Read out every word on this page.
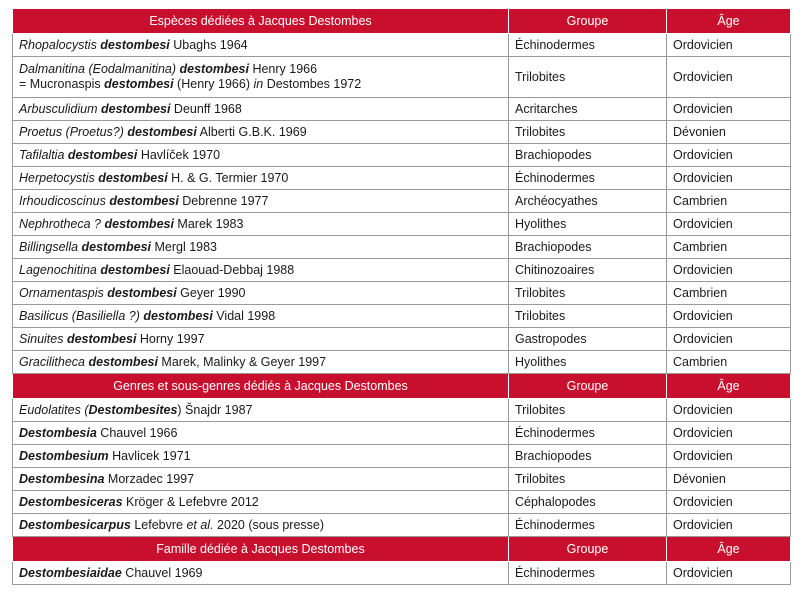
Espèces dédiées à Jacques Destombes	Groupe	Âge
Rhopalocystis destombesi Ubaghs 1964	Échinodermes	Ordovicien
Dalmanitina (Eodalmanitina) destombesi Henry 1966
= Mucronaspis destombesi (Henry 1966) in Destombes 1972	Trilobites	Ordovicien
Arbusculidium destombesi Deunff 1968	Acritarches	Ordovicien
Proetus (Proetus?) destombesi Alberti G.B.K. 1969	Trilobites	Dévonien
Tafilaltia destombesi Havlíček 1970	Brachiopodes	Ordovicien
Herpetocystis destombesi H. & G. Termier 1970	Échinodermes	Ordovicien
Irhoudicoscinus destombesi Debrenne 1977	Archéocyathes	Cambrien
Nephrotheca ? destombesi Marek 1983	Hyolithes	Ordovicien
Billingsella destombesi Mergl 1983	Brachiopodes	Cambrien
Lagenochitina destombesi Elaouad-Debbaj 1988	Chitinozoaires	Ordovicien
Ornamentaspis destombesi Geyer 1990	Trilobites	Cambrien
Basilicus (Basiliella ?) destombesi Vidal 1998	Trilobites	Ordovicien
Sinuites destombesi Horny 1997	Gastropodes	Ordovicien
Gracilitheca destombesi Marek, Malinky & Geyer 1997	Hyolithes	Cambrien
Genres et sous-genres dédiés à Jacques Destombes	Groupe	Âge
Eudolatites (Destombesites) Šnajdr 1987	Trilobites	Ordovicien
Destombesia Chauvel 1966	Échinodermes	Ordovicien
Destombesium Havlicek 1971	Brachiopodes	Ordovicien
Destombesina Morzadec 1997	Trilobites	Dévonien
Destombesiceras Kröger & Lefebvre 2012	Céphalopodes	Ordovicien
Destombesicarpus Lefebvre et al. 2020 (sous presse)	Échinodermes	Ordovicien
Famille dédiée à Jacques Destombes	Groupe	Âge
Destombesiaidae Chauvel 1969	Échinodermes	Ordovicien
